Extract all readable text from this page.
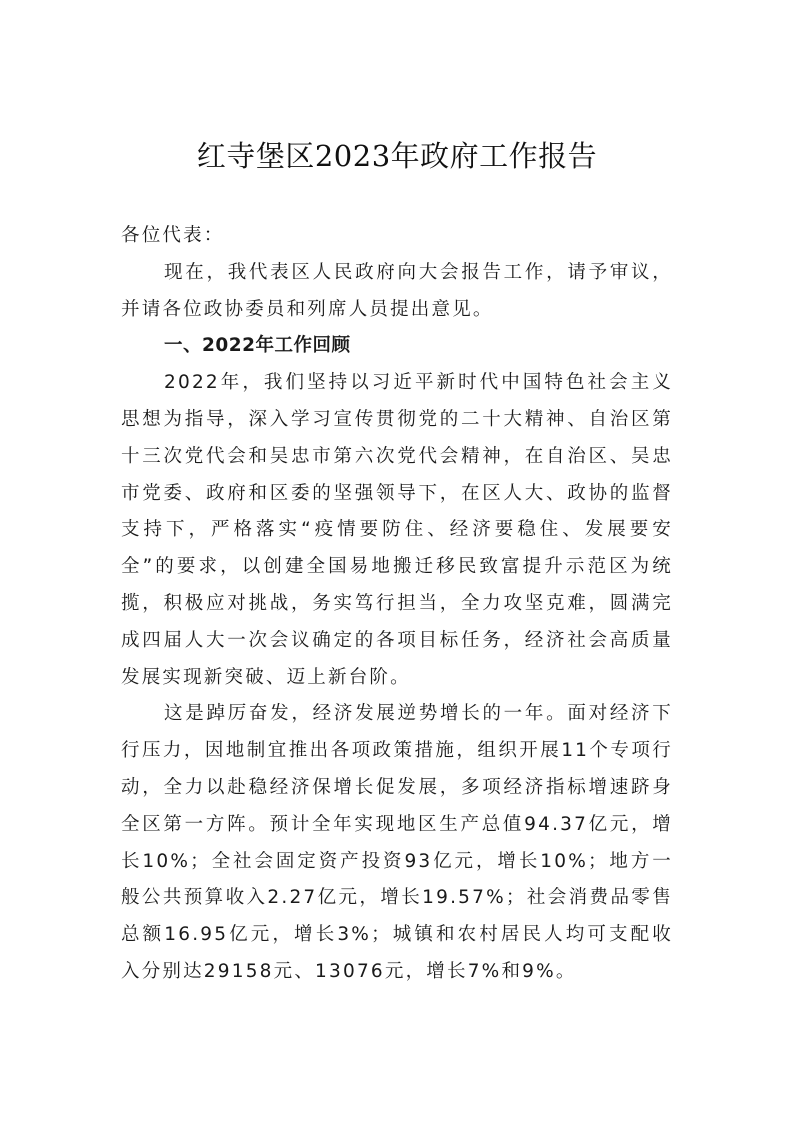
红寺堡区2023年政府工作报告

各位代表：

现在，我代表区人民政府向大会报告工作，请予审议，并请各位政协委员和列席人员提出意见。

一、2022年工作回顾

2022年，我们坚持以习近平新时代中国特色社会主义思想为指导，深入学习宣传贯彻党的二十大精神、自治区第十三次党代会和吴忠市第六次党代会精神，在自治区、吴忠市党委、政府和区委的坚强领导下，在区人大、政协的监督支持下，严格落实“疫情要防住、经济要稳住、发展要安全”的要求，以创建全国易地搬迁移民致富提升示范区为统揽，积极应对挑战，务实笃行担当，全力攻坚克难，圆满完成四届人大一次会议确定的各项目标任务，经济社会高质量发展实现新突破、迈上新台阶。

这是踔厉奋发，经济发展逆势增长的一年。面对经济下行压力，因地制宜推出各项政策措施，组织开展11个专项行动，全力以赴稳经济保增长促发展，多项经济指标增速跻身全区第一方阵。预计全年实现地区生产总值94.37亿元，增长10%；全社会固定资产投资93亿元，增长10%；地方一般公共预算收入2.27亿元，增长19.57%；社会消费品零售总额16.95亿元，增长3%；城镇和农村居民人均可支配收入分别达29158元、13076元，增长7%和9%。
